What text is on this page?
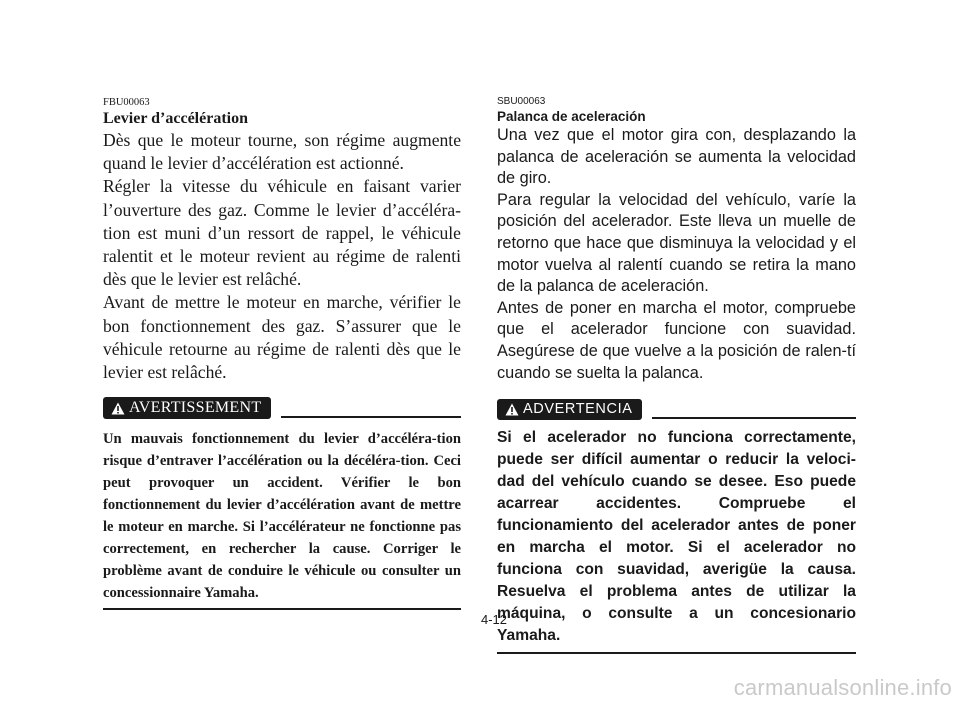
FBU00063

Levier d’accélération

Dès que le moteur tourne, son régime augmente quand le levier d’accélération est actionné.

Régler la vitesse du véhicule en faisant varier l’ouverture des gaz. Comme le levier d’accéléra-tion est muni d’un ressort de rappel, le véhicule ralentit et le moteur revient au régime de ralenti dès que le levier est relâché.

Avant de mettre le moteur en marche, vérifier le bon fonctionnement des gaz. S’assurer que le véhicule retourne au régime de ralenti dès que le levier est relâché.

AVERTISSEMENT

Un mauvais fonctionnement du levier d’accéléra-tion risque d’entraver l’accélération ou la décéléra-tion. Ceci peut provoquer un accident. Vérifier le bon fonctionnement du levier d’accélération avant de mettre le moteur en marche. Si l’accélérateur ne fonctionne pas correctement, en rechercher la cause. Corriger le problème avant de conduire le véhicule ou consulter un concessionnaire Yamaha.

SBU00063

Palanca de aceleración

Una vez que el motor gira con, desplazando la palanca de aceleración se aumenta la velocidad de giro.

Para regular la velocidad del vehículo, varíe la posición del acelerador. Este lleva un muelle de retorno que hace que disminuya la velocidad y el motor vuelva al ralentí cuando se retira la mano de la palanca de aceleración.

Antes de poner en marcha el motor, compruebe que el acelerador funcione con suavidad. Asegúrese de que vuelve a la posición de ralen-tí cuando se suelta la palanca.

ADVERTENCIA

Si el acelerador no funciona correctamente, puede ser difícil aumentar o reducir la veloci-dad del vehículo cuando se desee. Eso puede acarrear accidentes. Compruebe el funcionamiento del acelerador antes de poner en marcha el motor. Si el acelerador no funciona con suavidad, averigüe la causa. Resuelva el problema antes de utilizar la máquina, o consulte a un concesionario Yamaha.

4-12
carmanualsonline.info
